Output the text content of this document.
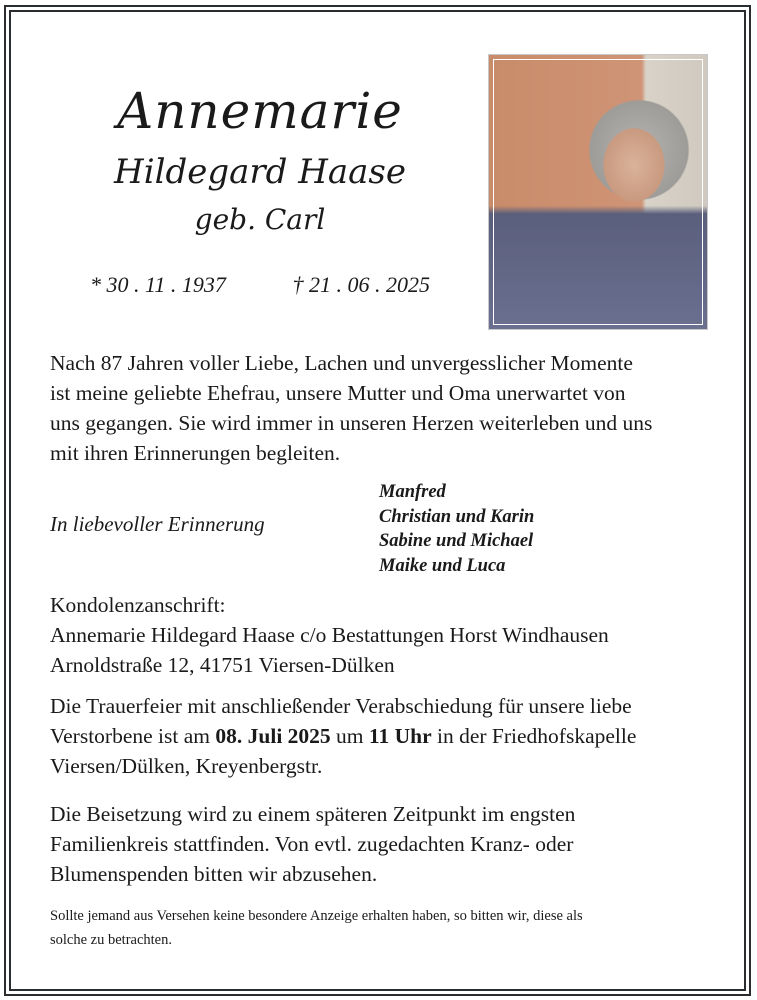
Annemarie
Hildegard Haase
geb. Carl
* 30 . 11 . 1937	† 21 . 06 . 2025
Nach 87 Jahren voller Liebe, Lachen und unvergesslicher Momente
ist meine geliebte Ehefrau, unsere Mutter und Oma unerwartet von
uns gegangen. Sie wird immer in unseren Herzen weiterleben und uns
mit ihren Erinnerungen begleiten.
In liebevoller Erinnerung
Manfred
Christian und Karin
Sabine und Michael
Maike und Luca
Kondolenzanschrift:
Annemarie Hildegard Haase c/o Bestattungen Horst Windhausen
Arnoldstraße 12, 41751 Viersen-Dülken
Die Trauerfeier mit anschließender Verabschiedung für unsere liebe
Verstorbene ist am 08. Juli 2025 um 11 Uhr in der Friedhofskapelle
Viersen/Dülken, Kreyenbergstr.
Die Beisetzung wird zu einem späteren Zeitpunkt im engsten
Familienkreis stattfinden. Von evtl. zugedachten Kranz- oder
Blumenspenden bitten wir abzusehen.
Sollte jemand aus Versehen keine besondere Anzeige erhalten haben, so bitten wir, diese als
solche zu betrachten.
